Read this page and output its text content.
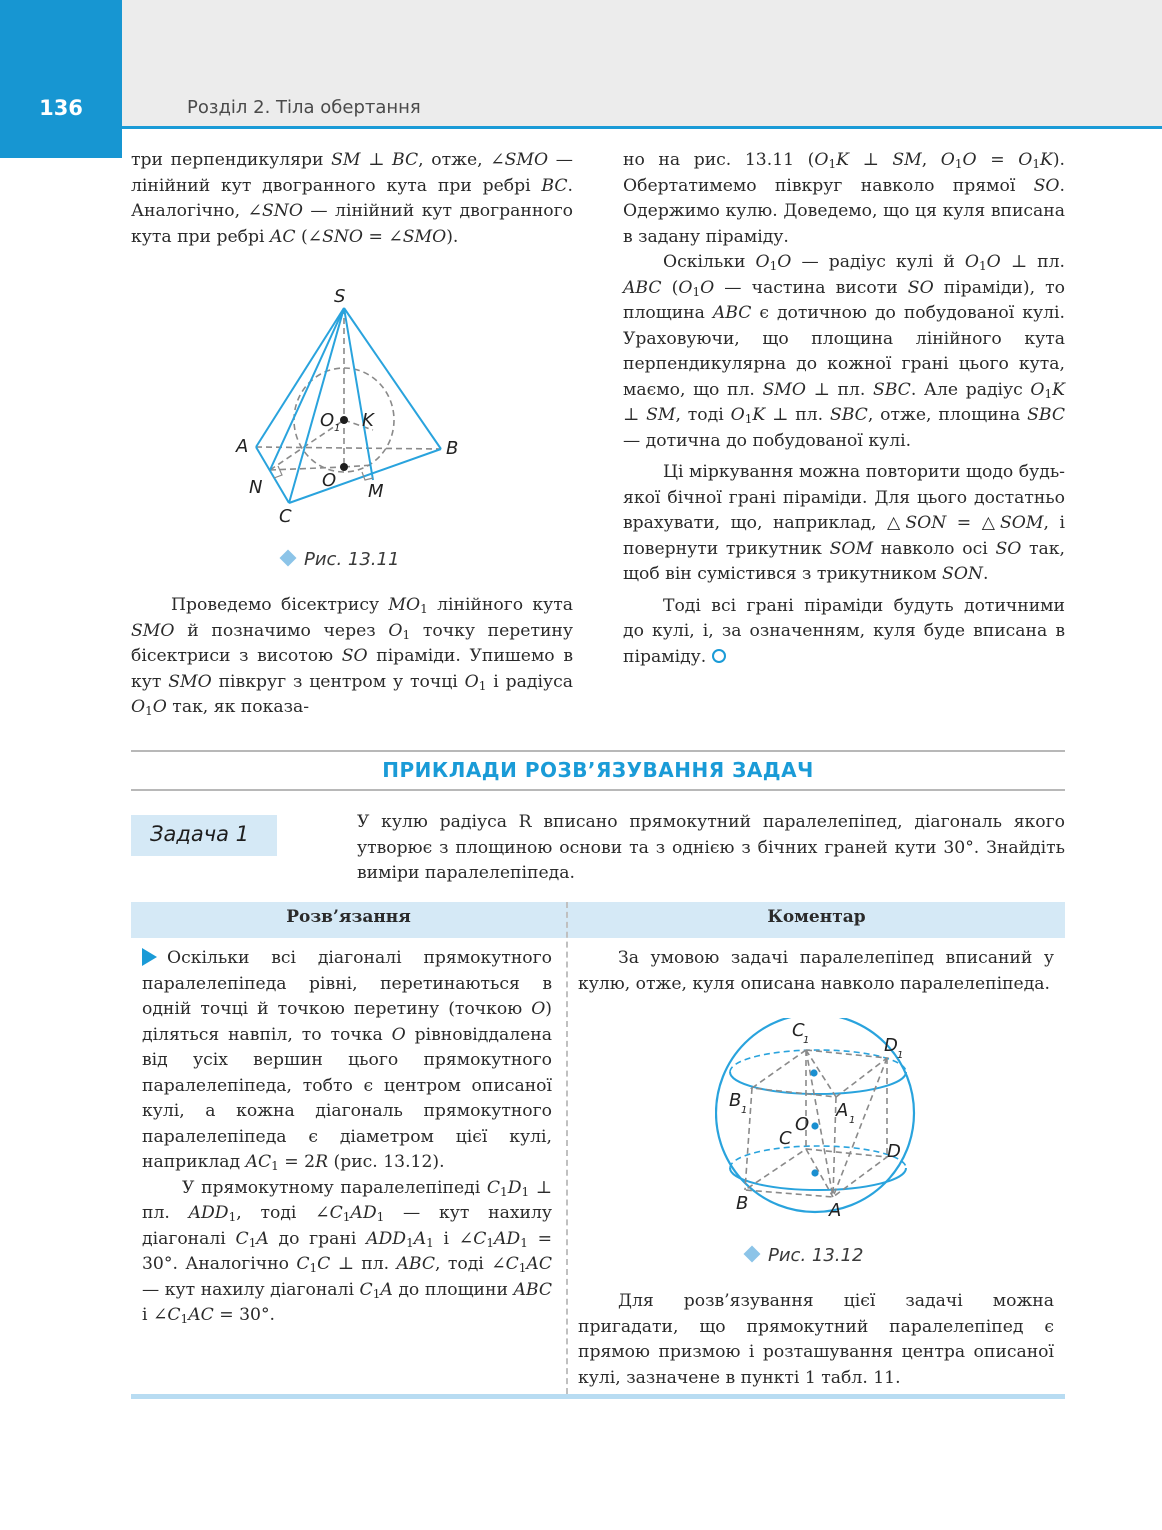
136	Розділ 2. Тіла обертання

три перпендикуляри SM ⊥ BC, отже, ∠SMO — лінійний кут двогранного кута при ребрі BC. Аналогічно, ∠SNO — лінійний кут двогранного кута при ребрі AC (∠SNO = ∠SMO).

S
A	B
C
N	M
O
O 1 K
Рис. 13.11

Проведемо бісектрису $MO_1$ лінійного кута SMO й позначимо через $O_1$ точку перетину бісектриси з висотою SO піраміди. Упишемо в кут SMO півкруг з центром у точці $O_1$ і радіуса $O_1O$ так, як показа-

но на рис. 13.11 ($O_1K$ ⊥ SM, $O_1O = O_1K$). Обертатимемо півкруг навколо прямої SO. Одержимо кулю. Доведемо, що ця куля вписана в задану піраміду.

Оскільки $O_1O$ — радіус кулі й $O_1O$ ⊥ пл. ABC ($O_1O$ — частина висоти SO піраміди), то площина ABC є дотичною до побудованої кулі. Ураховуючи, що площина лінійного кута перпендикулярна до кожної грані цього кута, маємо, що пл. SMO ⊥ пл. SBC. Але радіус $O_1K$ ⊥ SM, тоді $O_1K$ ⊥ пл. SBC, отже, площина SBC — дотична до побудованої кулі.

Ці міркування можна повторити щодо будь-якої бічної грані піраміди. Для цього достатньо врахувати, що, наприклад, △SON = △SOM, і повернути трикутник SOM навколо осі SO так, щоб він сумістився з трикутником SON.

Тоді всі грані піраміди будуть дотичними до кулі, і, за означенням, куля буде вписана в піраміду.

ПРИКЛАДИ РОЗВ’ЯЗУВАННЯ ЗАДАЧ
Задача 1	У кулю радіуса R вписано прямокутний паралелепіпед, діагональ якого утворює з площиною основи та з однією з бічних граней кути 30°. Знайдіть виміри паралелепіпеда.
Розв’язання	Коментар

Оскільки всі діагоналі прямокутного паралелепіпеда рівні, перетинаються в одній точці й точкою перетину (точкою O) діляться навпіл, то точка O рівновіддалена від усіх вершин цього прямокутного паралелепіпеда, тобто є центром описаної кулі, а кожна діагональ прямокутного паралелепіпеда є діаметром цієї кулі, наприклад $AC_1 = 2R$ (рис. 13.12).

У прямокутному паралелепіпеді $C_1D_1$ ⊥ пл. $ADD_1$, тоді $\angle C_1AD_1$ — кут нахилу діагоналі $C_1A$ до грані $ADD_1A_1$ і $\angle C_1AD_1 = 30^\circ$. Аналогічно $C_1C$ ⊥ пл. ABC, тоді $\angle C_1AC$ — кут нахилу діагоналі $C_1A$ до площини ABC і $\angle C_1AC = 30^\circ$.

За умовою задачі паралелепіпед вписаний у кулю, отже, куля описана навколо паралелепіпеда.

C
1	D 1
B 1	A 1
O
C
D
B	A
Рис. 13.12

Для розв’язування цієї задачі можна пригадати, що прямокутний паралелепіпед є прямою призмою і розташування центра описаної кулі, зазначене в пункті 1 табл. 11.
